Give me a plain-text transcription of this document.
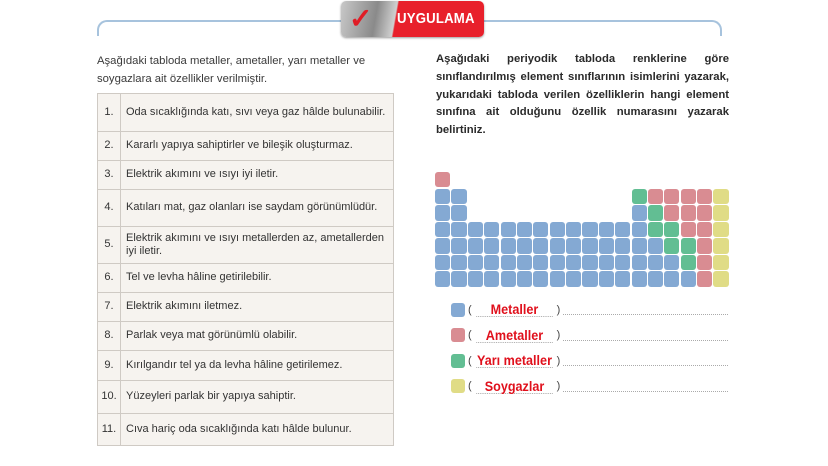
✓ UYGULAMA
Aşağıdaki tabloda metaller, ametaller, yarı metaller ve soygazlara ait özellikler verilmiştir.
1.	Oda sıcaklığında katı, sıvı veya gaz hâlde bulunabilir.
2.	Kararlı yapıya sahiptirler ve bileşik oluşturmaz.
3.	Elektrik akımını ve ısıyı iyi iletir.
4.	Katıları mat, gaz olanları ise saydam görünümlüdür.
5.	Elektrik akımını ve ısıyı metallerden az, ametallerden iyi iletir.
6.	Tel ve levha hâline getirilebilir.
7.	Elektrik akımını iletmez.
8.	Parlak veya mat görünümlü olabilir.
9.	Kırılgandır tel ya da levha hâline getirilemez.
10.	Yüzeyleri parlak bir yapıya sahiptir.
11.	Cıva hariç oda sıcaklığında katı hâlde bulunur.
Aşağıdaki periyodik tabloda renklerine göre sınıflandırılmış element sınıflarının isimlerini yazarak, yukarıdaki tabloda verilen özelliklerin hangi element sınıfına ait olduğunu özellik numarasını yazarak belirtiniz.
(	Metaller	)
( Ametaller	)
( Yarı metaller )
( Soygazlar	)
